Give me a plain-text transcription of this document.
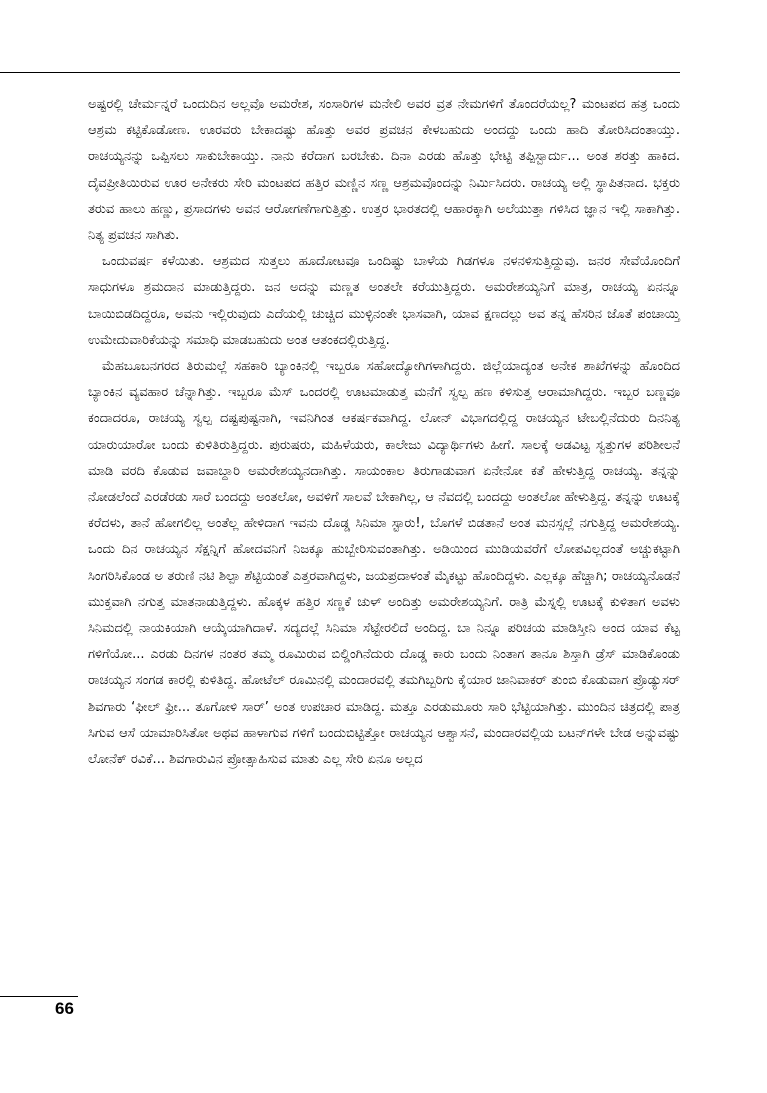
ಅಷ್ಟರಲ್ಲಿ ಚೇರ್ಮನ್ನರೆ ಒಂದುದಿನ ಅಲ್ಲವೊ ಅಮರೇಶ, ಸಂಸಾರಿಗಳ ಮನೇಲಿ ಅವರ ವ್ರತ ನೇಮಗಳಿಗೆ ತೊಂದರೆಯಲ್ಲ? ಮಂಟಪದ ಹತ್ರ ಒಂದು ಆಶ್ರಮ ಕಟ್ಟಿಕೊಡೋಣ. ಊರವರು ಬೇಕಾದಷ್ಟು ಹೊತ್ತು ಅವರ ಪ್ರವಚನ ಕೇಳಬಹುದು ಅಂದದ್ದು ಒಂದು ಹಾದಿ ತೋರಿಸಿದಂತಾಯ್ತು. ರಾಚಯ್ಯನನ್ನು ಒಪ್ಪಿಸಲು ಸಾಕುಬೇಕಾಯ್ತು. ನಾನು ಕರೆದಾಗ ಬರಬೇಕು. ದಿನಾ ಎರಡು ಹೊತ್ತು ಭೇಟ್ಟಿ ತಪ್ಪಿಸ್ಬಾರ್ದು... ಅಂತ ಶರತ್ತು ಹಾಕಿದ. ದೈವಪ್ರೀತಿಯಿರುವ ಊರ ಅನೇಕರು ಸೇರಿ ಮಂಟಪದ ಹತ್ತಿರ ಮಣ್ಣಿನ ಸಣ್ಣ ಆಶ್ರಮವೊಂದನ್ನು ನಿರ್ಮಿಸಿದರು. ರಾಚಯ್ಯ ಅಲ್ಲಿ ಸ್ಥಾಪಿತನಾದ. ಭಕ್ತರು ತರುವ ಹಾಲು ಹಣ್ಣು, ಪ್ರಸಾದಗಳು ಅವನ ಆರೋಗಣೆಗಾಗುತ್ತಿತ್ತು. ಉತ್ತರ ಭಾರತದಲ್ಲಿ ಆಹಾರಕ್ಕಾಗಿ ಅಲೆಯುತ್ತಾ ಗಳಿಸಿದ ಜ್ಞಾನ ಇಲ್ಲಿ ಸಾಕಾಗಿತ್ತು. ನಿತ್ಯ ಪ್ರವಚನ ಸಾಗಿತು.

ಒಂದುವರ್ಷ ಕಳೆಯಿತು. ಆಶ್ರಮದ ಸುತ್ತಲು ಹೂದೋಟವೂ ಒಂದಿಷ್ಟು ಬಾಳೆಯ ಗಿಡಗಳೂ ನಳನಳಿಸುತ್ತಿದ್ದುವು. ಜನರ ಸೇವೆಯೊಂದಿಗೆ ಸಾಧುಗಳೂ ಶ್ರಮದಾನ ಮಾಡುತ್ತಿದ್ದರು. ಜನ ಅದನ್ನು ಮಣ್ಣತ ಅಂತಲೇ ಕರೆಯುತ್ತಿದ್ದರು. ಅಮರೇಶಯ್ಯನಿಗೆ ಮಾತ್ರ, ರಾಚಯ್ಯ ಏನನ್ನೂ ಬಾಯಿಬಿಡದಿದ್ದರೂ, ಅವನು ಇಲ್ಲಿರುವುದು ಎದೆಯಲ್ಲಿ ಚುಚ್ಚಿದ ಮುಳ್ಳಿನಂತೇ ಭಾಸವಾಗಿ, ಯಾವ ಕ್ಷಣದಲ್ಲು ಅವ ತನ್ನ ಹೆಸರಿನ ಜೊತೆ ಪಂಚಾಯ್ತಿ ಉಮೇದುವಾರಿಕೆಯನ್ನು ಸಮಾಧಿ ಮಾಡಬಹುದು ಅಂತ ಆತಂಕದಲ್ಲಿರುತ್ತಿದ್ದ.

ಮೆಹಬೂಬನಗರದ ತಿರುಮಲ್ಲೆ ಸಹಕಾರಿ ಬ್ಯಾಂಕಿನಲ್ಲಿ ಇಬ್ಬರೂ ಸಹೋದ್ಯೋಗಿಗಳಾಗಿದ್ದರು. ಜಿಲ್ಲೆಯಾದ್ಯಂತ ಅನೇಕ ಶಾಖೆಗಳನ್ನು ಹೊಂದಿದ ಬ್ಯಾಂಕಿನ ವ್ಯವಹಾರ ಚೆನ್ನಾಗಿತ್ತು. ಇಬ್ಬರೂ ಮೆಸ್ ಒಂದರಲ್ಲಿ ಊಟಮಾಡುತ್ತ ಮನೆಗೆ ಸ್ವಲ್ಪ ಹಣ ಕಳಿಸುತ್ತ ಆರಾಮಾಗಿದ್ದರು. ಇಬ್ಬರ ಬಣ್ಣವೂ ಕಂದಾದರೂ, ರಾಚಯ್ಯ ಸ್ವಲ್ಪ ದಷ್ಟಪುಷ್ಟನಾಗಿ, ಇವನಿಗಿಂತ ಆಕರ್ಷಕವಾಗಿದ್ದ. ಲೋನ್ ವಿಭಾಗದಲ್ಲಿದ್ದ ರಾಚಯ್ಯನ ಟೇಬಲ್ಲಿನೆದುರು ದಿನನಿತ್ಯ ಯಾರುಯಾರೋ ಬಂದು ಕುಳಿತಿರುತ್ತಿದ್ದರು. ಪುರುಷರು, ಮಹಿಳೆಯರು, ಕಾಲೇಜು ವಿದ್ಯಾರ್ಥಿಗಳು ಹೀಗೆ. ಸಾಲಕ್ಕೆ ಅಡವಿಟ್ಟ ಸ್ವತ್ತುಗಳ ಪರಿಶೀಲನೆ ಮಾಡಿ ವರದಿ ಕೊಡುವ ಜವಾಬ್ದಾರಿ ಅಮರೇಶಯ್ಯನದಾಗಿತ್ತು. ಸಾಯಂಕಾಲ ತಿರುಗಾಡುವಾಗ ಏನೇನೋ ಕತೆ ಹೇಳುತ್ತಿದ್ದ ರಾಚಯ್ಯ. ತನ್ನನ್ನು ನೋಡಲೆಂದೆ ಎರಡೆರಡು ಸಾರೆ ಬಂದದ್ದು ಅಂತಲೋ, ಅವಳಿಗೆ ಸಾಲವೆ ಬೇಕಾಗಿಲ್ಲ, ಆ ನೆವದಲ್ಲಿ ಬಂದದ್ದು ಅಂತಲೋ ಹೇಳುತ್ತಿದ್ದ. ತನ್ನನ್ನು ಊಟಕ್ಕೆ ಕರೆದಳು, ತಾನೆ ಹೋಗಲಿಲ್ಲ ಅಂತೆಲ್ಲ ಹೇಳಿದಾಗ ಇವನು ದೊಡ್ಡ ಸಿನಿಮಾ ಸ್ಟಾರು!, ಬೊಗಳೆ ಬಿಡತಾನೆ ಅಂತ ಮನಸ್ಸಲ್ಲೆ ನಗುತ್ತಿದ್ದ ಅಮರೇಶಯ್ಯ. ಒಂದು ದಿನ ರಾಚಯ್ಯನ ಸೆಕ್ಷನ್ನಿಗೆ ಹೋದವನಿಗೆ ನಿಜಕ್ಕೂ ಹುಬ್ಬೇರಿಸುವಂತಾಗಿತ್ತು. ಅಡಿಯಿಂದ ಮುಡಿಯವರೆಗೆ ಲೋಪವಿಲ್ಲದಂತೆ ಅಚ್ಚುಕಟ್ಟಾಗಿ ಸಿಂಗರಿಸಿಕೊಂಡ ಅ ತರುಣಿ ನಟಿ ಶಿಲ್ಪಾ ಶೆಟ್ಟಿಯಂತೆ ಎತ್ತರವಾಗಿದ್ದಳು, ಜಯಪ್ರದಾಳಂತೆ ಮೈಕಟ್ಟು ಹೊಂದಿದ್ದಳು. ಎಲ್ಲಕ್ಕೂ ಹೆಚ್ಚಾಗಿ; ರಾಚಯ್ಯನೊಡನೆ ಮುಕ್ತವಾಗಿ ನಗುತ್ತ ಮಾತನಾಡುತ್ತಿದ್ದಳು. ಹೊಕ್ಕಳ ಹತ್ತಿರ ಸಣ್ಣಕೆ ಚುಳ್ ಅಂದಿತ್ತು ಅಮರೇಶಯ್ಯನಿಗೆ. ರಾತ್ರಿ ಮೆಸ್ನಲ್ಲಿ ಊಟಕ್ಕೆ ಕುಳಿತಾಗ ಅವಳು ಸಿನಿಮದಲ್ಲಿ ನಾಯಕಿಯಾಗಿ ಆಯ್ಕೆಯಾಗಿದಾಳೆ. ಸದ್ಯದಲ್ಲೆ ಸಿನಿಮಾ ಸೆಟ್ಟೇರಲಿದೆ ಅಂದಿದ್ದ. ಬಾ ನಿನ್ನೂ ಪರಿಚಯ ಮಾಡಿಸ್ತೀನಿ ಅಂದ ಯಾವ ಕೆಟ್ಟ ಗಳಿಗೆಯೋ... ಎರಡು ದಿನಗಳ ನಂತರ ತಮ್ಮ ರೂಮಿರುವ ಬಿಲ್ಡಿಂಗಿನೆದುರು ದೊಡ್ಡ ಕಾರು ಬಂದು ನಿಂತಾಗ ತಾನೂ ಶಿಸ್ತಾಗಿ ಡ್ರೆಸ್ ಮಾಡಿಕೊಂಡು ರಾಚಯ್ಯನ ಸಂಗಡ ಕಾರಲ್ಲಿ ಕುಳಿತಿದ್ದ. ಹೋಟೆಲ್ ರೂಮಿನಲ್ಲಿ ಮಂದಾರವಲ್ಲಿ ತಮಗಿಬ್ಬರಿಗು ಕೈಯಾರ ಜಾನಿವಾಕರ್ ತುಂಬಿ ಕೊಡುವಾಗ ಪ್ರೊಡ್ಯುಸರ್ ಶಿವಗಾರು ‘ಫೀಲ್ ಫ್ರೀ... ತೂಗೋಳಿ ಸಾರ್’ ಅಂತ ಉಪಚಾರ ಮಾಡಿದ್ದ. ಮತ್ತೂ ಎರಡುಮೂರು ಸಾರಿ ಭೆಟ್ಟಿಯಾಗಿತ್ತು. ಮುಂದಿನ ಚಿತ್ರದಲ್ಲಿ ಪಾತ್ರ ಸಿಗುವ ಆಸೆ ಯಾಮಾರಿಸಿತೋ ಅಥವ ಹಾಳಾಗುವ ಗಳಿಗೆ ಬಂದುಬಿಟ್ಟಿತ್ತೋ ರಾಚಯ್ಯನ ಆಶ್ವಾಸನೆ, ಮಂದಾರವಲ್ಲಿಯ ಬಟನ್‌ಗಳೇ ಬೇಡ ಅನ್ನುವಷ್ಟು ಲೋನೆಕ್ ರವಿಕೆ... ಶಿವಗಾರುವಿನ ಪ್ರೋತ್ಸಾಹಿಸುವ ಮಾತು ಎಲ್ಲ ಸೇರಿ ಏನೂ ಅಲ್ಲದ

66
